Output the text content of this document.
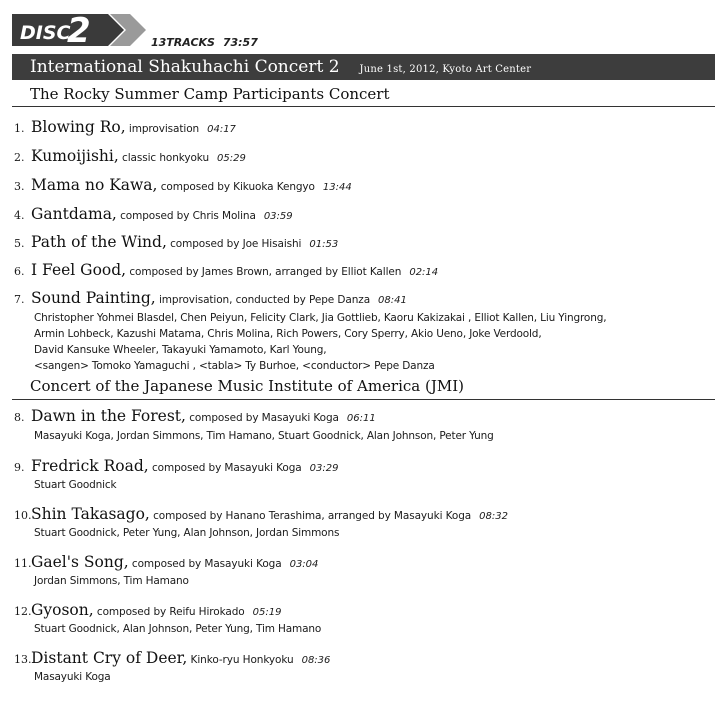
DISC
2	13TRACKS 73:57
International Shakuhachi Concert 2 June 1st, 2012, Kyoto Art Center
The Rocky Summer Camp Participants Concert
1. Blowing Ro, improvisation 04:17
2. Kumoijishi, classic honkyoku 05:29
3. Mama no Kawa, composed by Kikuoka Kengyo 13:44
4. Gantdama, composed by Chris Molina 03:59
5. Path of the Wind, composed by Joe Hisaishi 01:53
6. I Feel Good, composed by James Brown, arranged by Elliot Kallen 02:14
7. Sound Painting, improvisation, conducted by Pepe Danza 08:41
Christopher Yohmei Blasdel, Chen Peiyun, Felicity Clark, Jia Gottlieb, Kaoru Kakizakai , Elliot Kallen, Liu Yingrong,
Armin Lohbeck, Kazushi Matama, Chris Molina, Rich Powers, Cory Sperry, Akio Ueno, Joke Verdoold,
David Kansuke Wheeler, Takayuki Yamamoto, Karl Young,
<sangen> Tomoko Yamaguchi , <tabla> Ty Burhoe, <conductor> Pepe Danza
Concert of the Japanese Music Institute of America (JMI)
8. Dawn in the Forest, composed by Masayuki Koga 06:11
Masayuki Koga, Jordan Simmons, Tim Hamano, Stuart Goodnick, Alan Johnson, Peter Yung
9. Fredrick Road, composed by Masayuki Koga 03:29
Stuart Goodnick
10.Shin Takasago, composed by Hanano Terashima, arranged by Masayuki Koga 08:32
Stuart Goodnick, Peter Yung, Alan Johnson, Jordan Simmons
11.Gael's Song, composed by Masayuki Koga 03:04
Jordan Simmons, Tim Hamano
12.Gyoson, composed by Reifu Hirokado 05:19
Stuart Goodnick, Alan Johnson, Peter Yung, Tim Hamano
13.Distant Cry of Deer, Kinko-ryu Honkyoku 08:36
Masayuki Koga
